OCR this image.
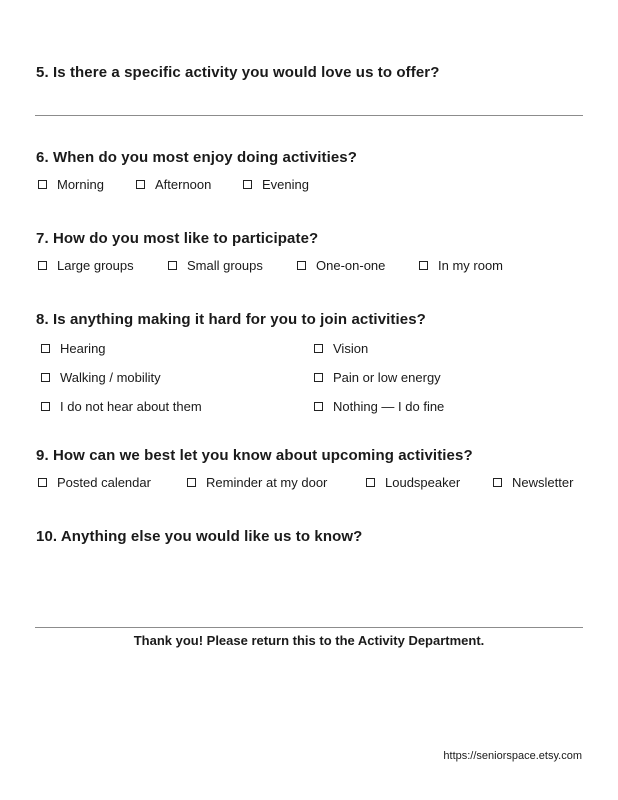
5. Is there a specific activity you would love us to offer?
6. When do you most enjoy doing activities?
Morning	Afternoon	Evening
7. How do you most like to participate?
Large groups	Small groups	One-on-one	In my room
8. Is anything making it hard for you to join activities?
Hearing	Vision
Walking / mobility	Pain or low energy
I do not hear about them	Nothing — I do fine
9. How can we best let you know about upcoming activities?
Posted calendar	Reminder at my door	Loudspeaker	Newsletter
10. Anything else you would like us to know?
Thank you! Please return this to the Activity Department.
https://seniorspace.etsy.com
